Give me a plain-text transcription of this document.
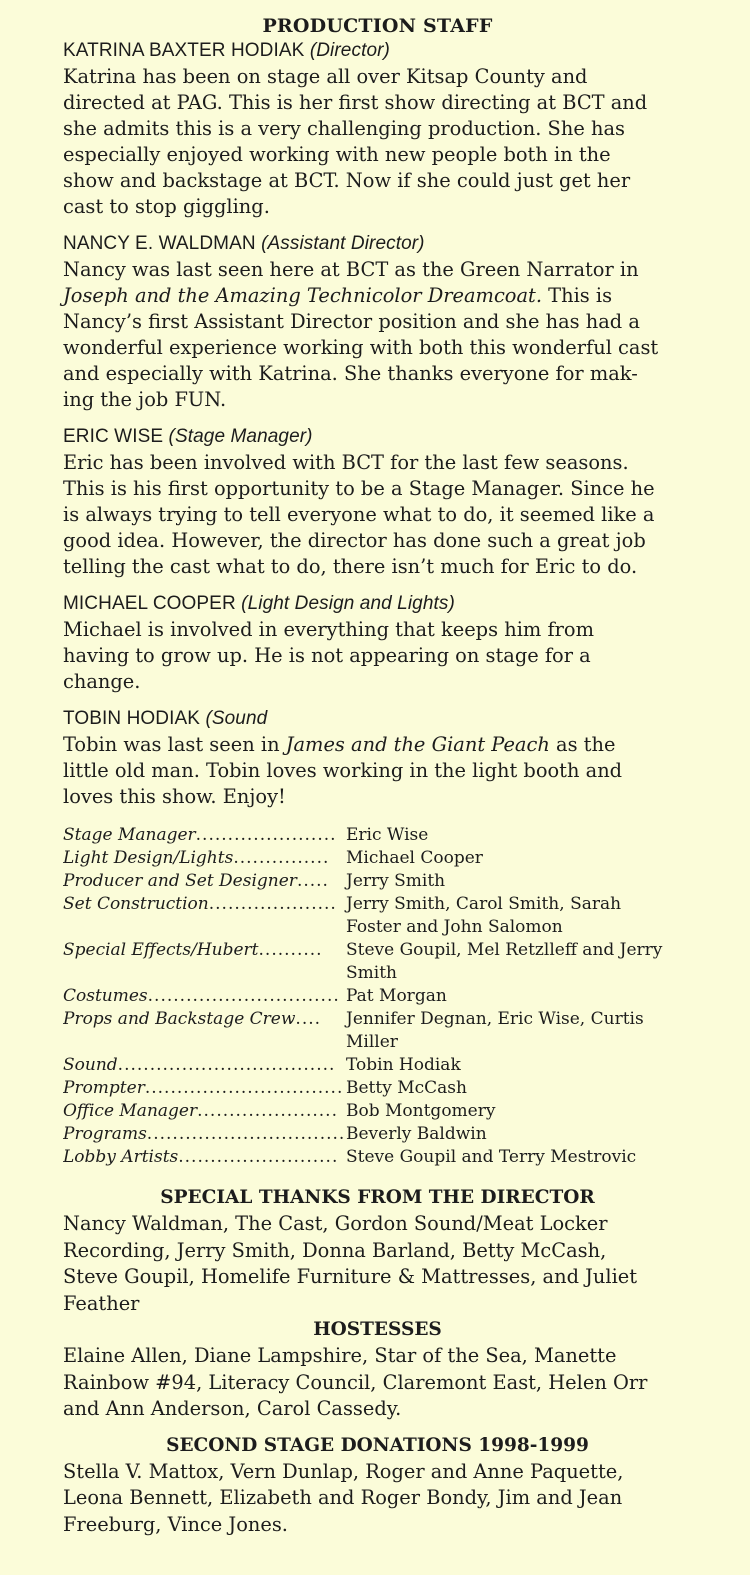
PRODUCTION STAFF
KATRINA BAXTER HODIAK (Director)

Katrina has been on stage all over Kitsap County and

directed at PAG. This is her first show directing at BCT and

she admits this is a very challenging production. She has

especially enjoyed working with new people both in the

show and backstage at BCT. Now if she could just get her

cast to stop giggling.

NANCY E. WALDMAN (Assistant Director)

Nancy was last seen here at BCT as the Green Narrator in

Joseph and the Amazing Technicolor Dreamcoat. This is

Nancy’s first Assistant Director position and she has had a

wonderful experience working with both this wonderful cast

and especially with Katrina. She thanks everyone for mak-

ing the job FUN.

ERIC WISE (Stage Manager)

Eric has been involved with BCT for the last few seasons.

This is his first opportunity to be a Stage Manager. Since he

is always trying to tell everyone what to do, it seemed like a

good idea. However, the director has done such a great job

telling the cast what to do, there isn’t much for Eric to do.

MICHAEL COOPER (Light Design and Lights)

Michael is involved in everything that keeps him from

having to grow up. He is not appearing on stage for a

change.

TOBIN HODIAK (Sound

Tobin was last seen in James and the Giant Peach as the

little old man. Tobin loves working in the light booth and

loves this show. Enjoy!

Stage Manager...................... Eric Wise
Light Design/Lights............... Michael Cooper
Producer and Set Designer.....	Jerry Smith
Set Construction.................... Jerry Smith, Carol Smith, Sarah
Foster and John Salomon
Special Effects/Hubert..........	Steve Goupil, Mel Retzlleff and Jerry
Smith
Costumes.............................. Pat Morgan
Props and Backstage Crew....	Jennifer Degnan, Eric Wise, Curtis
Miller
Sound.................................. Tobin Hodiak
Prompter............................... Betty McCash
Office Manager...................... Bob Montgomery
Programs............................... Beverly Baldwin
Lobby Artists......................... Steve Goupil and Terry Mestrovic
SPECIAL THANKS FROM THE DIRECTOR

Nancy Waldman, The Cast, Gordon Sound/Meat Locker

Recording, Jerry Smith, Donna Barland, Betty McCash,

Steve Goupil, Homelife Furniture & Mattresses, and Juliet

Feather

HOSTESSES

Elaine Allen, Diane Lampshire, Star of the Sea, Manette

Rainbow #94, Literacy Council, Claremont East, Helen Orr

and Ann Anderson, Carol Cassedy.

SECOND STAGE DONATIONS 1998-1999

Stella V. Mattox, Vern Dunlap, Roger and Anne Paquette,

Leona Bennett, Elizabeth and Roger Bondy, Jim and Jean

Freeburg, Vince Jones.
